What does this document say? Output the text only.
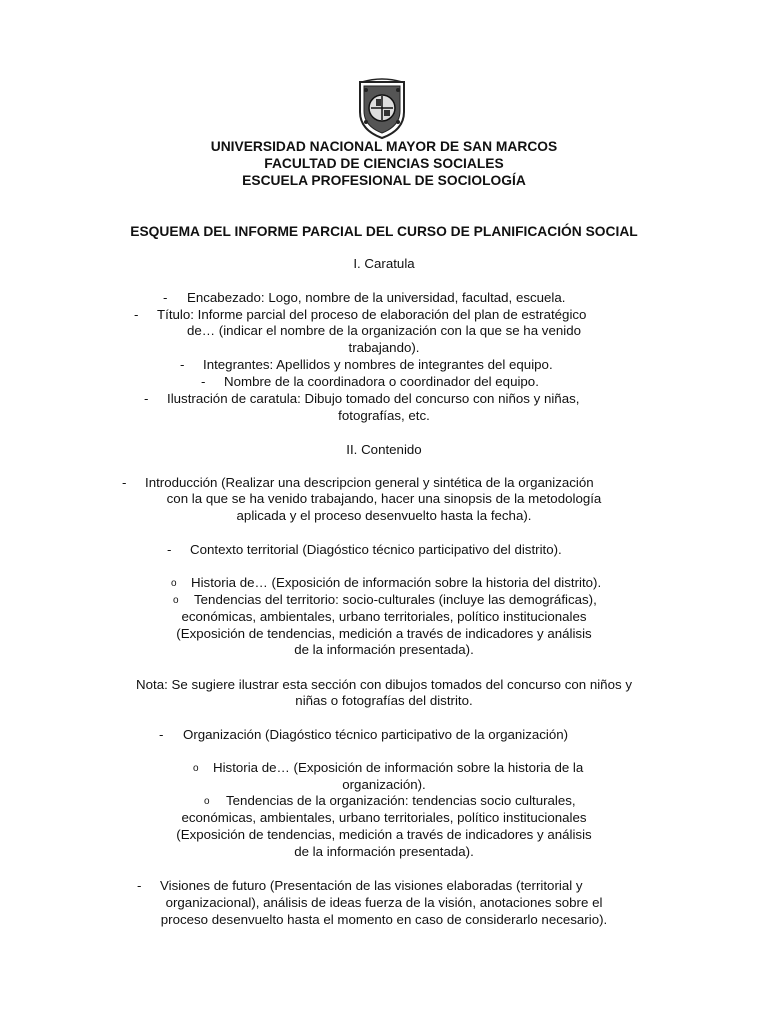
UNIVERSIDAD NACIONAL MAYOR DE SAN MARCOS

FACULTAD DE CIENCIAS SOCIALES

ESCUELA PROFESIONAL DE SOCIOLOGÍA

ESQUEMA DEL INFORME PARCIAL DEL CURSO DE PLANIFICACIÓN SOCIAL

I. Caratula

- Encabezado: Logo, nombre de la universidad, facultad, escuela.
- Título: Informe parcial del proceso de elaboración del plan de estratégico

de… (indicar el nombre de la organización con la que se ha venido

trabajando).

- Integrantes: Apellidos y nombres de integrantes del equipo.
- Nombre de la coordinadora o coordinador del equipo.
- Ilustración de caratula: Dibujo tomado del concurso con niños y niñas,

fotografías, etc.

II. Contenido

- Introducción (Realizar una descripcion general y sintética de la organización

con la que se ha venido trabajando, hacer una sinopsis de la metodología

aplicada y el proceso desenvuelto hasta la fecha).

- Contexto territorial (Diagóstico técnico participativo del distrito).
o Historia de… (Exposición de información sobre la historia del distrito).
o Tendencias del territorio: socio-culturales (incluye las demográficas),

económicas, ambientales, urbano territoriales, político institucionales

(Exposición de tendencias, medición a través de indicadores y análisis

de la información presentada).

Nota: Se sugiere ilustrar esta sección con dibujos tomados del concurso con niños y

niñas o fotografías del distrito.

- Organización (Diagóstico técnico participativo de la organización)
o Historia de… (Exposición de información sobre la historia de la

organización).

o Tendencias de la organización: tendencias socio culturales,

económicas, ambientales, urbano territoriales, político institucionales

(Exposición de tendencias, medición a través de indicadores y análisis

de la información presentada).

- Visiones de futuro (Presentación de las visiones elaboradas (territorial y

organizacional), análisis de ideas fuerza de la visión, anotaciones sobre el

proceso desenvuelto hasta el momento en caso de considerarlo necesario).
